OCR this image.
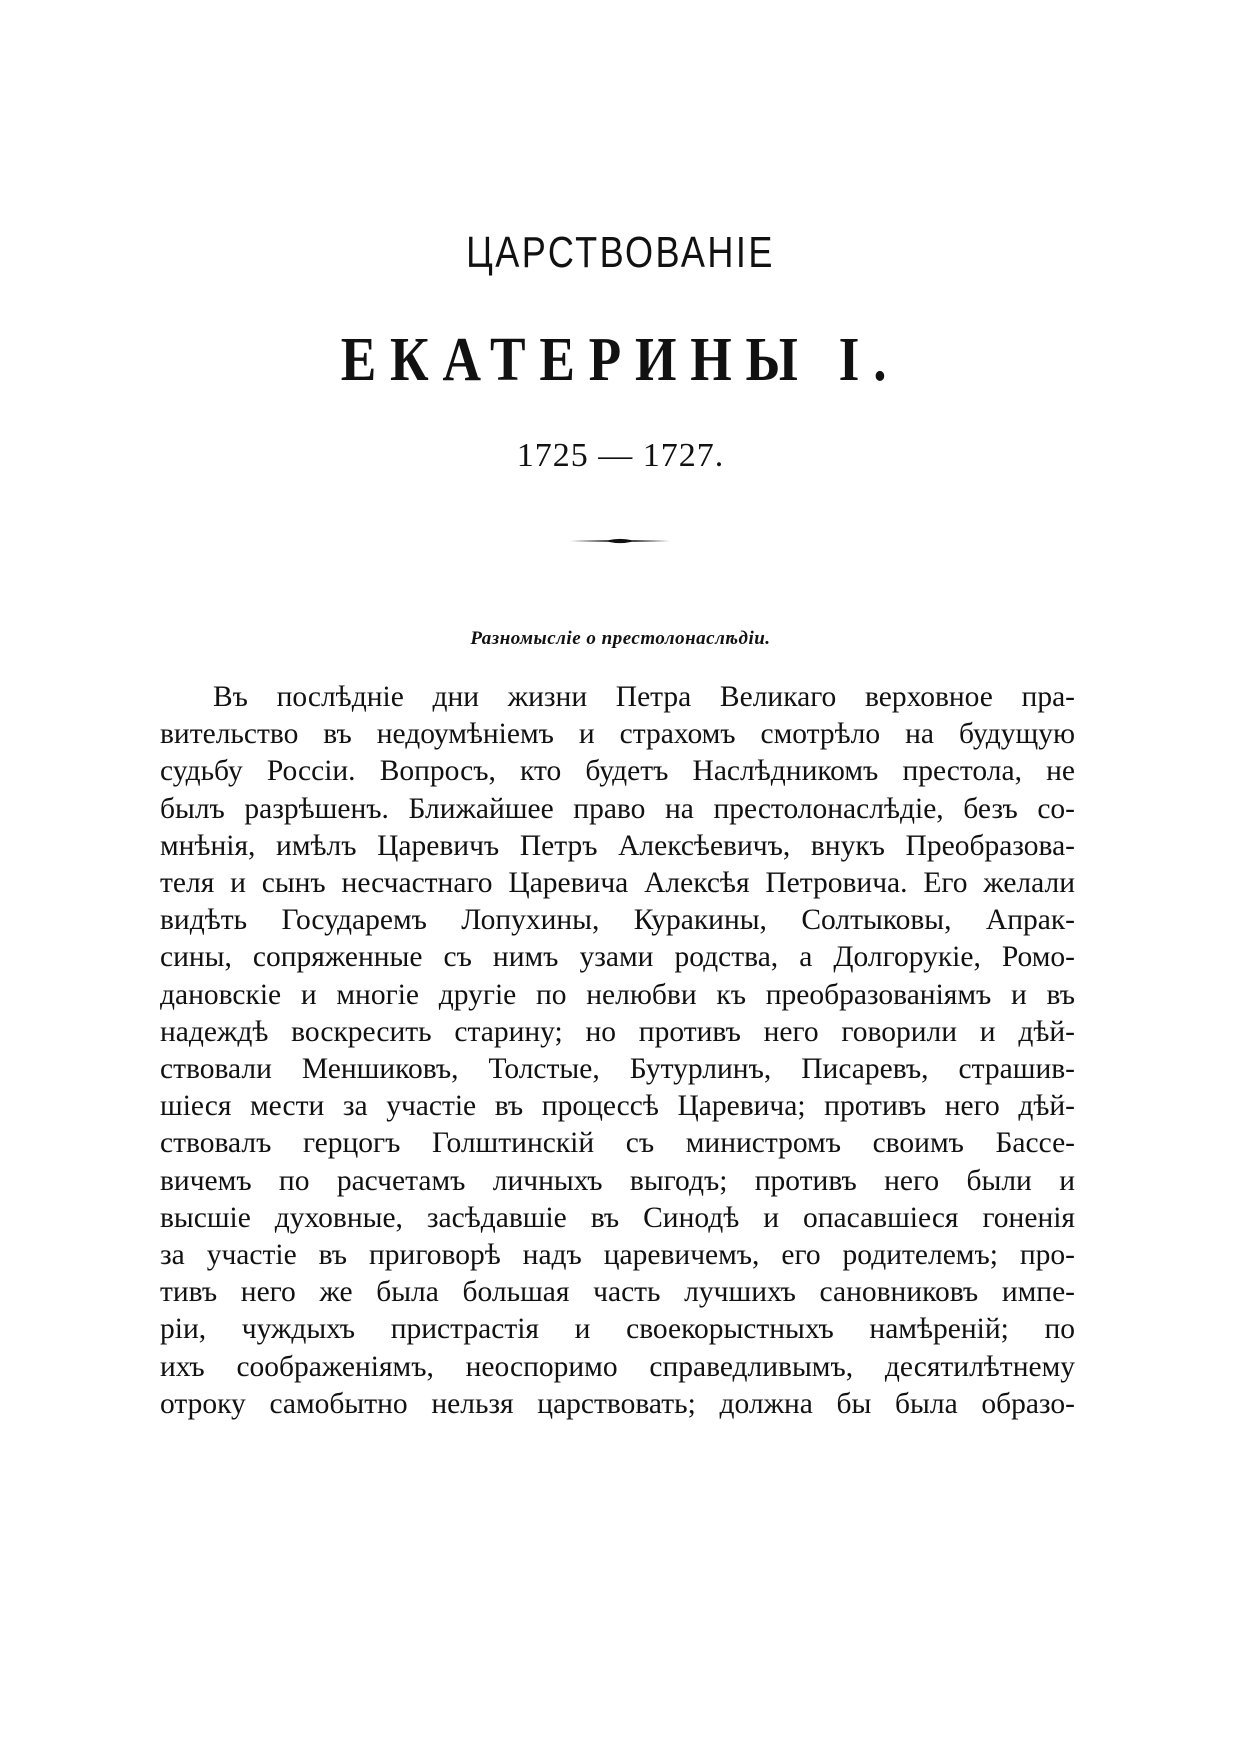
ЦАРСТВОВАНІЕ
ЕКАТЕРИНЫ I.
1725 — 1727.
Разномысліе о престолонаслѣдіи.
Въ послѣдніе дни жизни Петра Великаго верховное пра-
вительство въ недоумѣніемъ и страхомъ смотрѣло на будущую
судьбу Россіи. Вопросъ, кто будетъ Наслѣдникомъ престола, не
былъ разрѣшенъ. Ближайшее право на престолонаслѣдіе, безъ со-
мнѣнія, имѣлъ Царевичъ Петръ Алексѣевичъ, внукъ Преобразова-
теля и сынъ несчастнаго Царевича Алексѣя Петровича. Его желали
видѣть Государемъ Лопухины, Куракины, Солтыковы, Апрак-
сины, сопряженные съ нимъ узами родства, а Долгорукіе, Ромо-
дановскіе и многіе другіе по нелюбви къ преобразованіямъ и въ
надеждѣ воскресить старину; но противъ него говорили и дѣй-
ствовали Меншиковъ, Толстые, Бутурлинъ, Писаревъ, страшив-
шіеся мести за участіе въ процессѣ Царевича; противъ него дѣй-
ствовалъ герцогъ Голштинскій съ министромъ своимъ Бассе-
вичемъ по расчетамъ личныхъ выгодъ; противъ него были и
высшіе духовные, засѣдавшіе въ Синодѣ и опасавшіеся гоненія
за участіе въ приговорѣ надъ царевичемъ, его родителемъ; про-
тивъ него же была большая часть лучшихъ сановниковъ импе-
ріи, чуждыхъ пристрастія и своекорыстныхъ намѣреній; по
ихъ соображеніямъ, неоспоримо справедливымъ, десятилѣтнему
отроку самобытно нельзя царствовать; должна бы была образо-
